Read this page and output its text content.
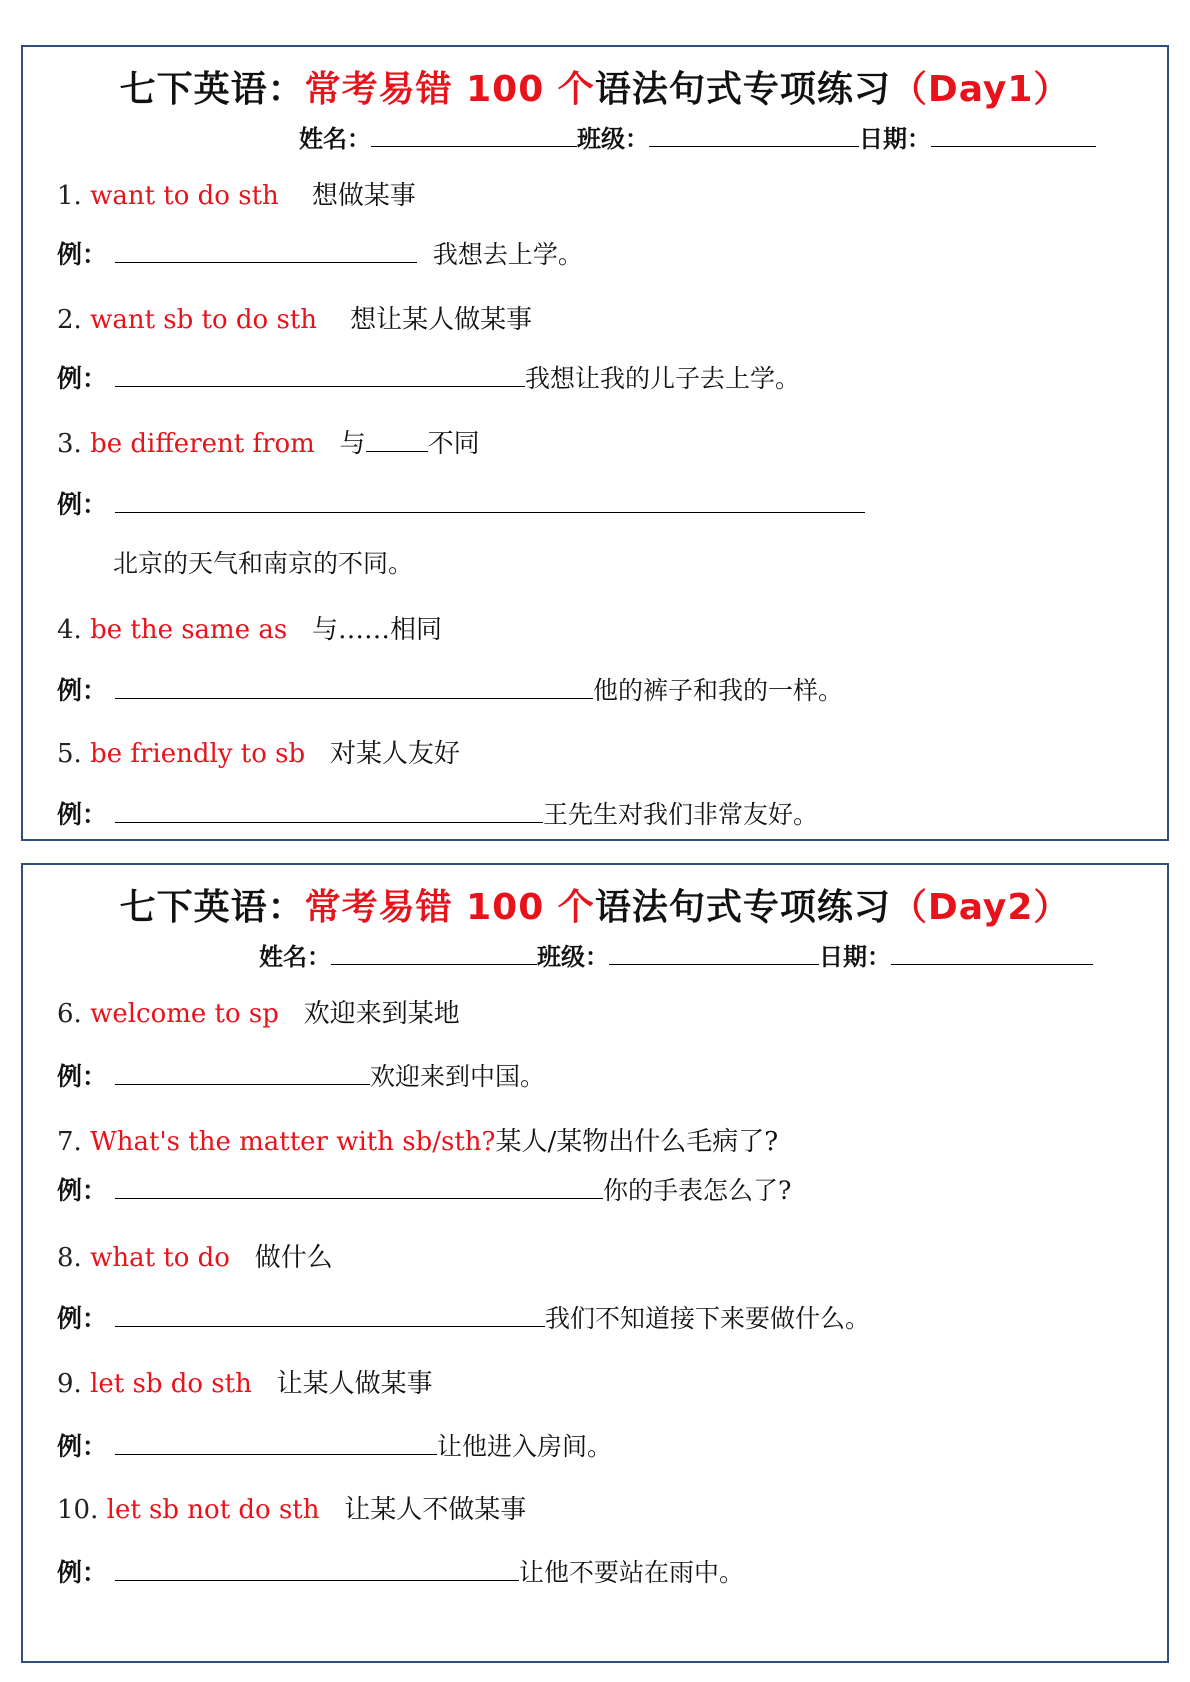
七下英语：常考易错 100 个语法句式专项练习（Day1）
姓名：	班级：	日期：
1. want to do sth 想做某事
例：	我想去上学。
2. want sb to do sth 想让某人做某事
例：	我想让我的儿子去上学。
3. be different from 与 不同
例：
北京的天气和南京的不同。
4. be the same as 与……相同
例：	他的裤子和我的一样。
5. be friendly to sb 对某人友好
例：	王先生对我们非常友好。
七下英语：常考易错 100 个语法句式专项练习（Day2）
姓名：	班级：	日期：
6. welcome to sp 欢迎来到某地
例：	欢迎来到中国。
7. What's the matter with sb/sth?某人/某物出什么毛病了?
例：	你的手表怎么了?
8. what to do 做什么
例：	我们不知道接下来要做什么。
9. let sb do sth 让某人做某事
例：	让他进入房间。
10. let sb not do sth 让某人不做某事
例：	让他不要站在雨中。
